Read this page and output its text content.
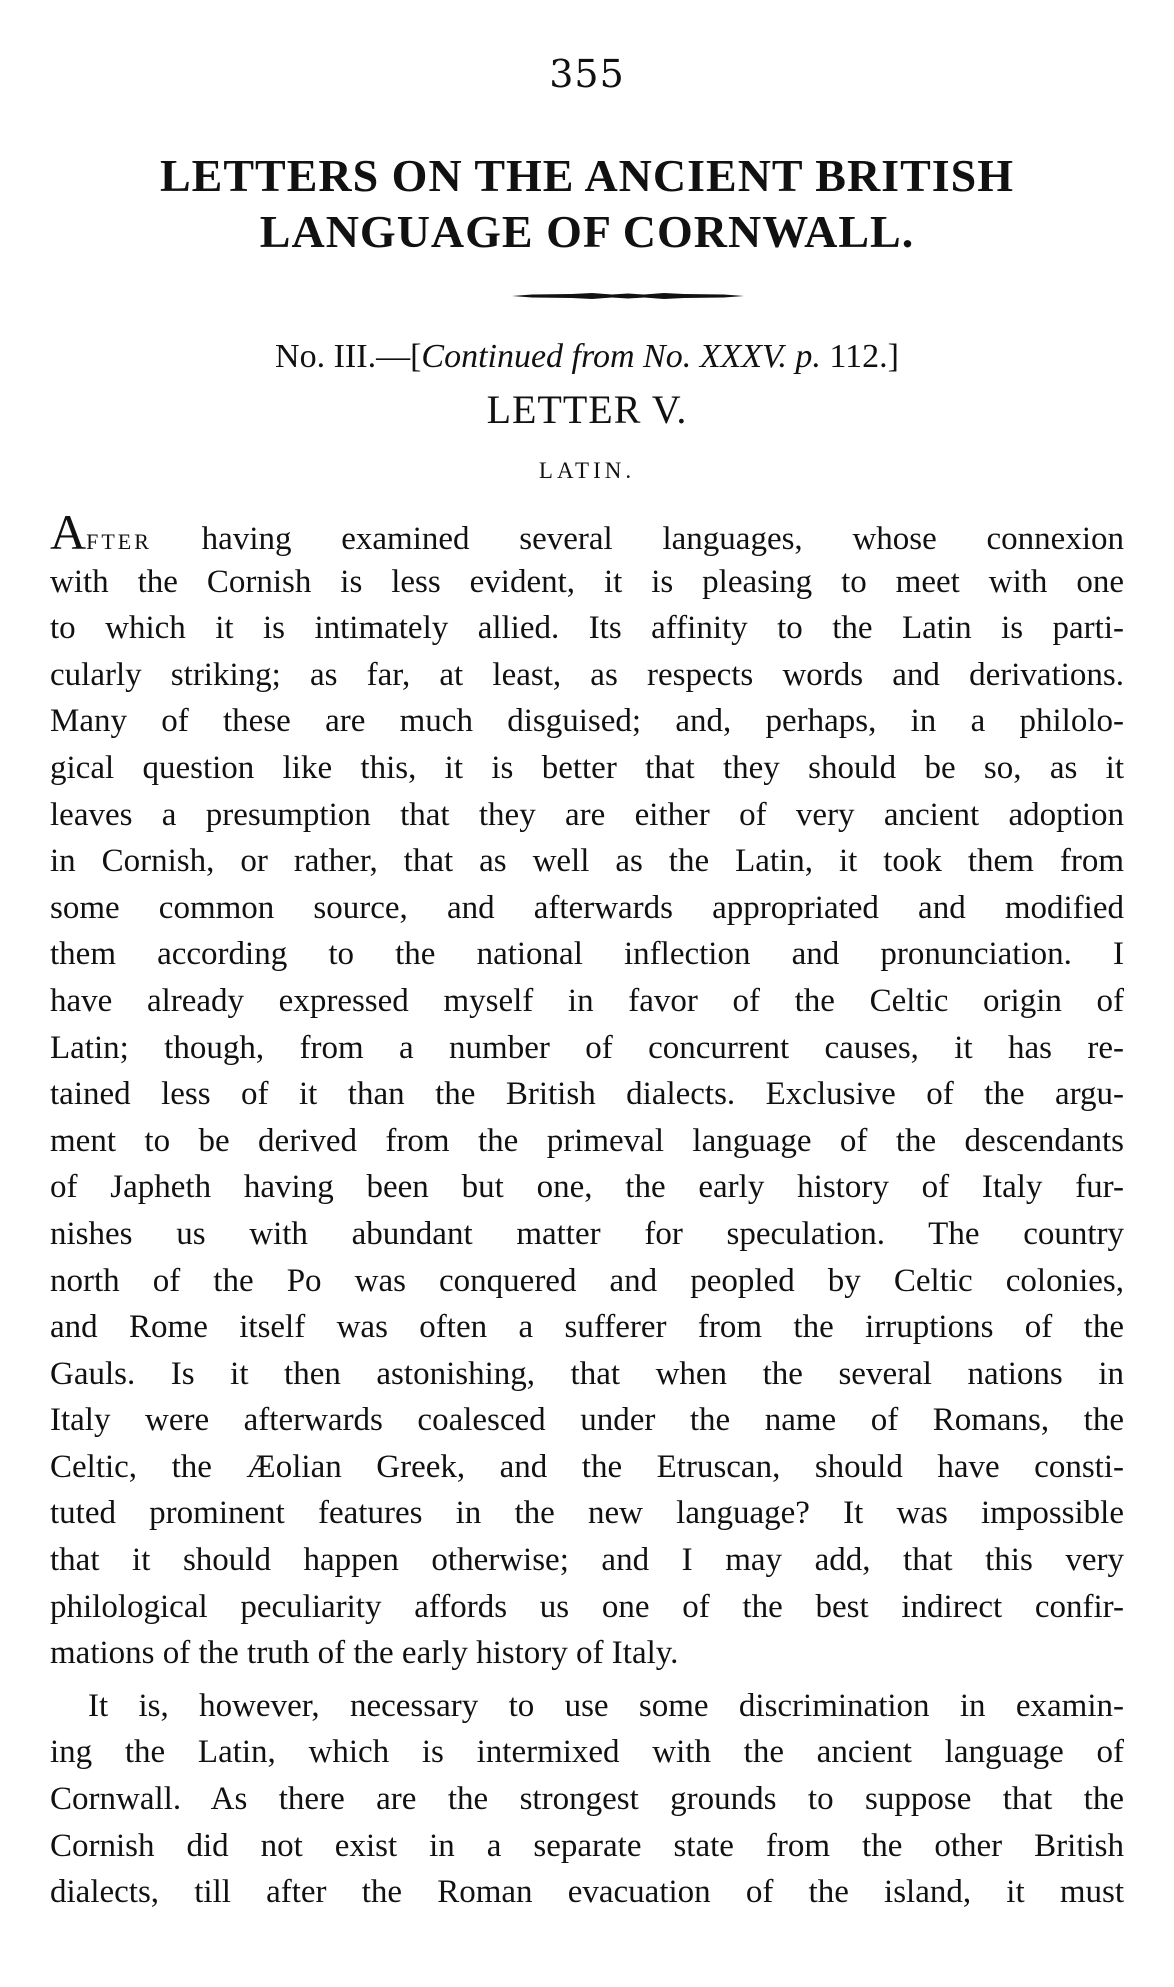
355
LETTERS ON THE ANCIENT BRITISH
LANGUAGE OF CORNWALL.
No. III.—[Continued from No. XXXV. p. 112.]
LETTER V.
LATIN.
AFTER having examined several languages, whose connexion
with the Cornish is less evident, it is pleasing to meet with one
to which it is intimately allied. Its affinity to the Latin is parti-
cularly striking; as far, at least, as respects words and derivations.
Many of these are much disguised; and, perhaps, in a philolo-
gical question like this, it is better that they should be so, as it
leaves a presumption that they are either of very ancient adoption
in Cornish, or rather, that as well as the Latin, it took them from
some common source, and afterwards appropriated and modified
them according to the national inflection and pronunciation. I
have already expressed myself in favor of the Celtic origin of
Latin; though, from a number of concurrent causes, it has re-
tained less of it than the British dialects. Exclusive of the argu-
ment to be derived from the primeval language of the descendants
of Japheth having been but one, the early history of Italy fur-
nishes us with abundant matter for speculation. The country
north of the Po was conquered and peopled by Celtic colonies,
and Rome itself was often a sufferer from the irruptions of the
Gauls. Is it then astonishing, that when the several nations in
Italy were afterwards coalesced under the name of Romans, the
Celtic, the Æolian Greek, and the Etruscan, should have consti-
tuted prominent features in the new language? It was impossible
that it should happen otherwise; and I may add, that this very
philological peculiarity affords us one of the best indirect confir-
mations of the truth of the early history of Italy.
It is, however, necessary to use some discrimination in examin-
ing the Latin, which is intermixed with the ancient language of
Cornwall. As there are the strongest grounds to suppose that the
Cornish did not exist in a separate state from the other British
dialects, till after the Roman evacuation of the island, it must
